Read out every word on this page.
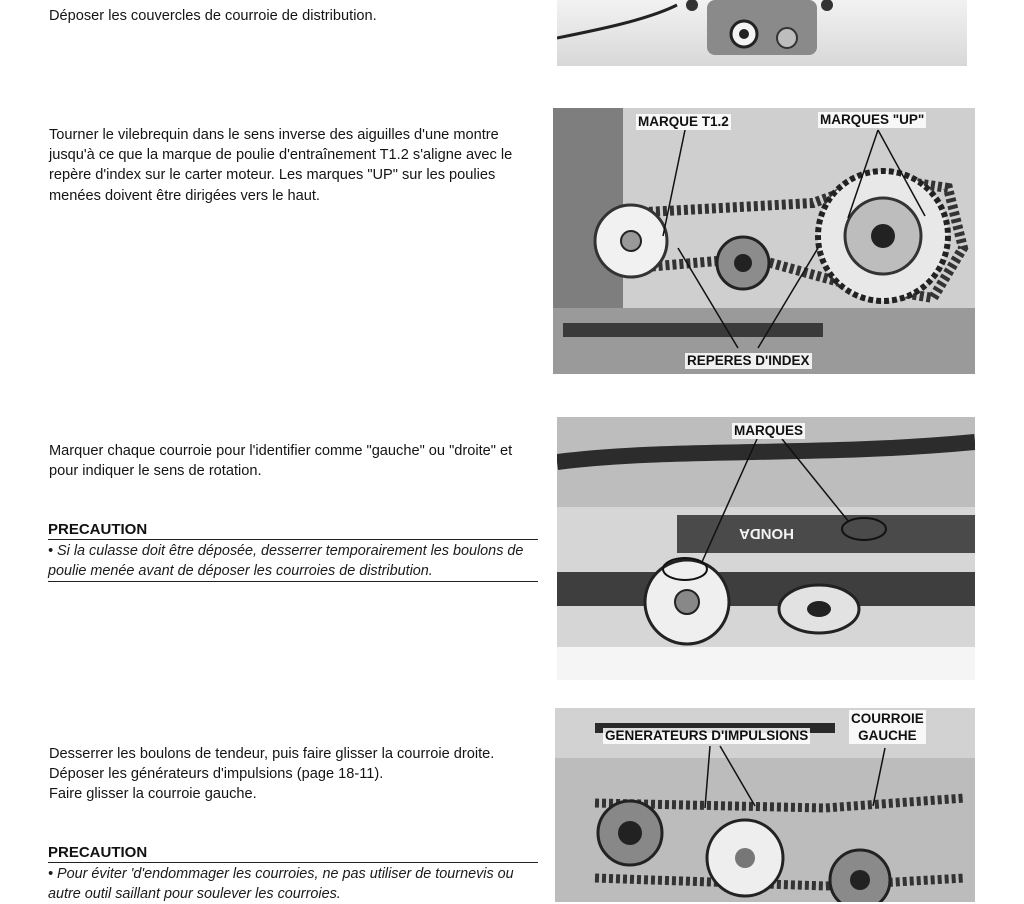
Déposer les couvercles de courroie de distribution.
Tourner le vilebrequin dans le sens inverse des aiguilles d'une montre jusqu'à ce que la marque de poulie d'entraînement T1.2 s'aligne avec le repère d'index sur le carter moteur. Les marques "UP" sur les poulies menées doivent être dirigées vers le haut.
Marquer chaque courroie pour l'identifier comme "gauche" ou "droite" et pour indiquer le sens de rotation.
Desserrer les boulons de tendeur, puis faire glisser la courroie droite.
Déposer les générateurs d'impulsions (page 18-11).
Faire glisser la courroie gauche.
PRECAUTION
• Si la culasse doit être déposée, desserrer temporairement les boulons de poulie menée avant de déposer les courroies de distribution.
PRECAUTION
• Pour éviter 'd'endommager les courroies, ne pas utiliser de tournevis ou autre outil saillant pour soulever les courroies.
MARQUE T1.2	MARQUES "UP"
REPERES D'INDEX
MARQUES
HONDA
GENERATEURS D'IMPULSIONS
COURROIE
GAUCHE
